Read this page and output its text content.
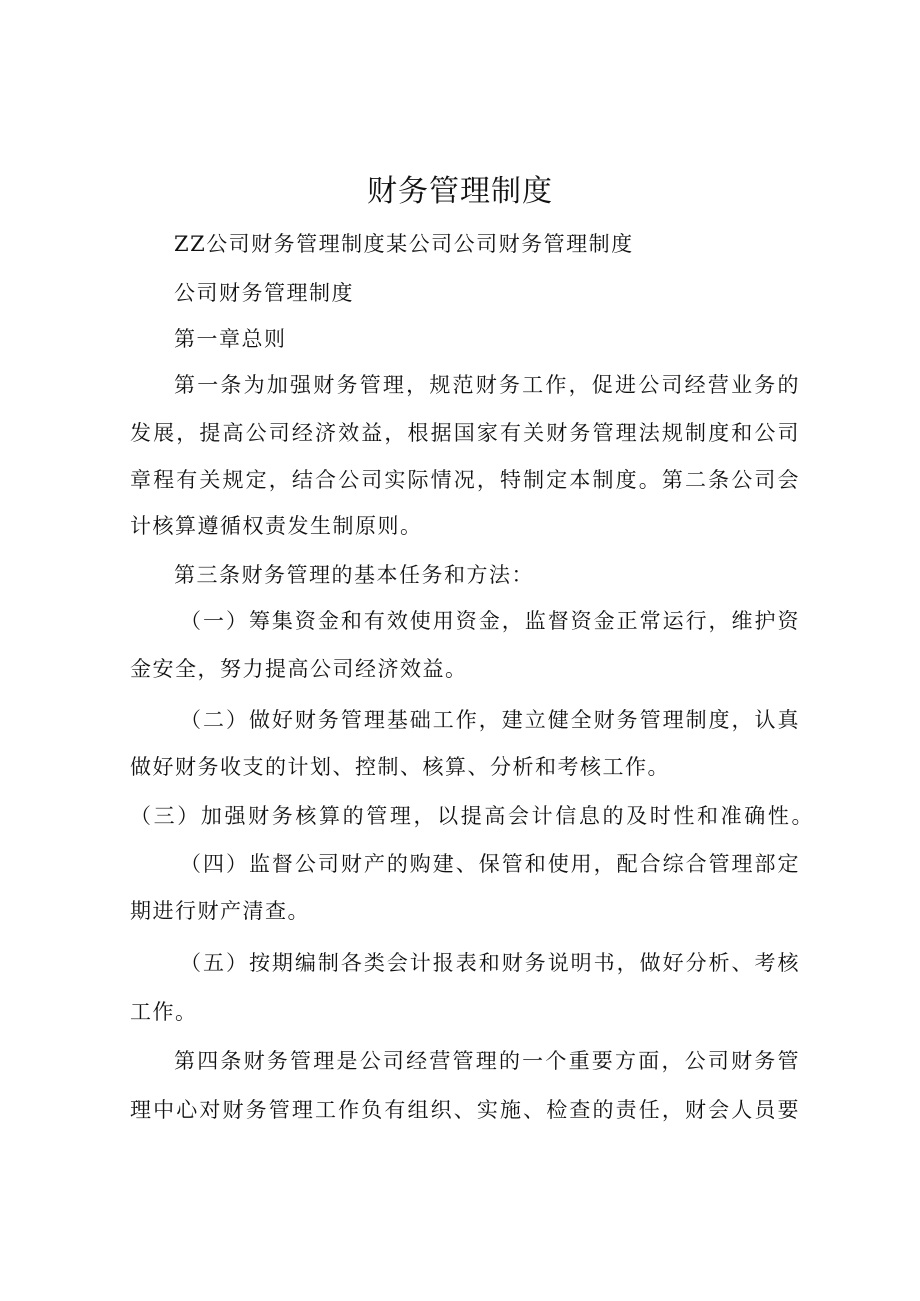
财务管理制度
ZZ公司财务管理制度某公司公司财务管理制度
公司财务管理制度
第一章总则
第一条为加强财务管理，规范财务工作，促进公司经营业务的
发展，提高公司经济效益，根据国家有关财务管理法规制度和公司
章程有关规定，结合公司实际情况，特制定本制度。第二条公司会
计核算遵循权责发生制原则。
第三条财务管理的基本任务和方法：
（一）筹集资金和有效使用资金，监督资金正常运行，维护资
金安全，努力提高公司经济效益。
（二）做好财务管理基础工作，建立健全财务管理制度，认真
做好财务收支的计划、控制、核算、分析和考核工作。
（三）加强财务核算的管理，以提高会计信息的及时性和准确性。
（四）监督公司财产的购建、保管和使用，配合综合管理部定
期进行财产清查。
（五）按期编制各类会计报表和财务说明书，做好分析、考核
工作。
第四条财务管理是公司经营管理的一个重要方面，公司财务管
理中心对财务管理工作负有组织、实施、检查的责任，财会人员要
